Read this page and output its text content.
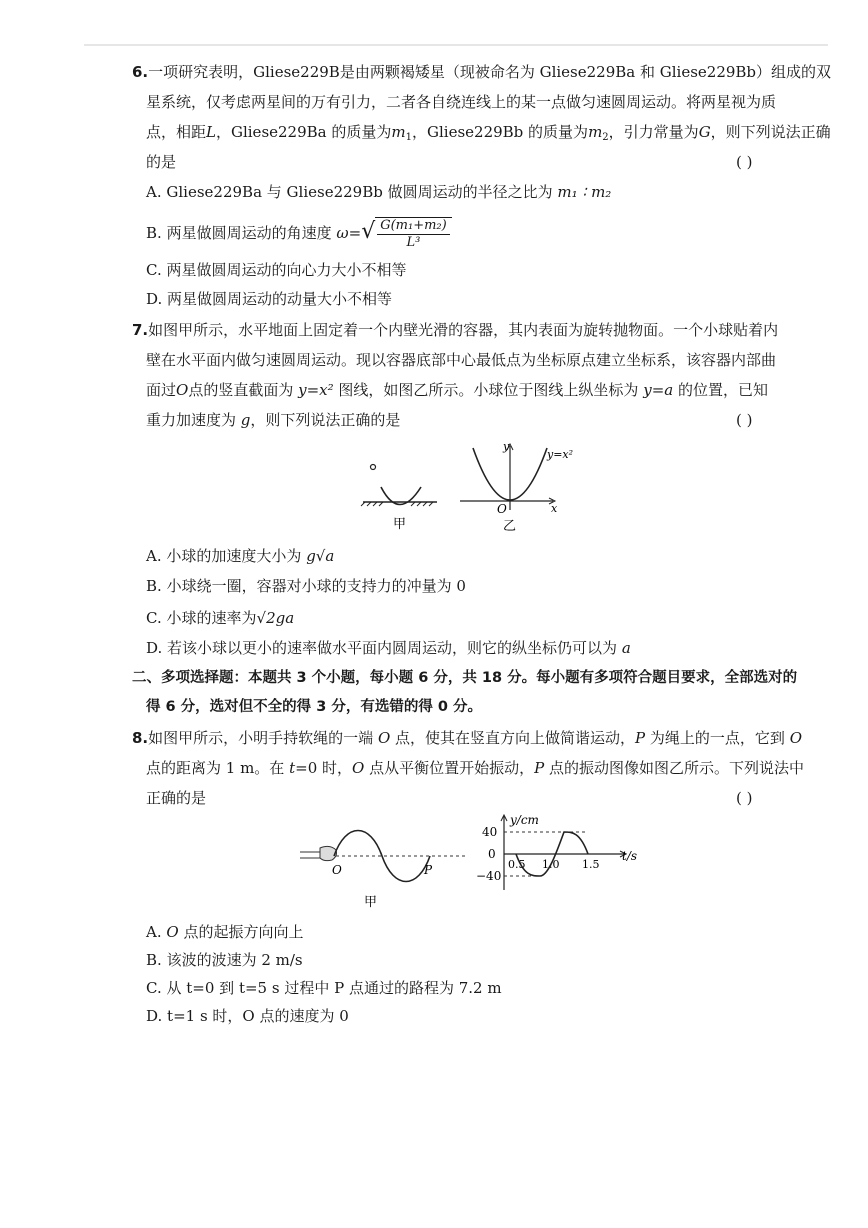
6.一项研究表明，Gliese229B是由两颗褐矮星（现被命名为 Gliese229Ba 和 Gliese229Bb）组成的双
星系统，仅考虑两星间的万有引力，二者各自绕连线上的某一点做匀速圆周运动。将两星视为质
点，相距L，Gliese229Ba 的质量为$m_1$，Gliese229Bb 的质量为$m_2$，引力常量为G，则下列说法正确
的是	( )
A. Gliese229Ba 与 Gliese229Bb 做圆周运动的半径之比为 m₁ ∶ m₂
B. 两星做圆周运动的角速度 $\omega=√ \frac{\text{G(m₁+m₂)}}{\text{L³}}$
C. 两星做圆周运动的向心力大小不相等
D. 两星做圆周运动的动量大小不相等
7.如图甲所示，水平地面上固定着一个内壁光滑的容器，其内表面为旋转抛物面。一个小球贴着内
壁在水平面内做匀速圆周运动。现以容器底部中心最低点为坐标原点建立坐标系，该容器内部曲
面过O点的竖直截面为 y=x² 图线，如图乙所示。小球位于图线上纵坐标为 y=a 的位置，已知
重力加速度为 g，则下列说法正确的是	( )
甲
y
x
O
y=x²
乙
A. 小球的加速度大小为 g√a
B. 小球绕一圈，容器对小球的支持力的冲量为 0
C. 小球的速率为√2ga
D. 若该小球以更小的速率做水平面内圆周运动，则它的纵坐标仍可以为 a
二、多项选择题：本题共 3 个小题，每小题 6 分，共 18 分。每小题有多项符合题目要求，全部选对的
得 6 分，选对但不全的得 3 分，有选错的得 0 分。
8.如图甲所示，小明手持软绳的一端 O 点，使其在竖直方向上做简谐运动，P 为绳上的一点，它到 O
点的距离为 1 m。在 t=0 时，O 点从平衡位置开始振动，P 点的振动图像如图乙所示。下列说法中
正确的是	( )
O	P
甲
40
0
−40
y/cm
0.5 1.0 1.5
t/s
A. O 点的起振方向向上
B. 该波的波速为 2 m/s
C. 从 t=0 到 t=5 s 过程中 P 点通过的路程为 7.2 m
D. t=1 s 时，O 点的速度为 0
